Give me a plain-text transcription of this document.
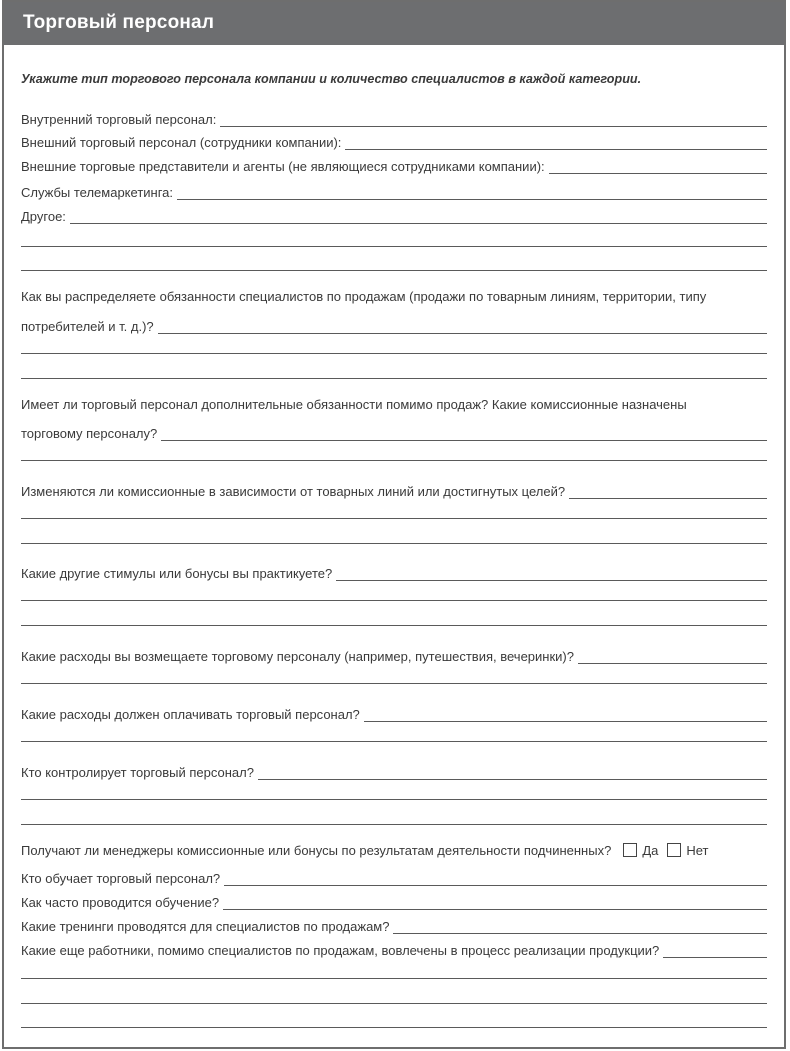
Торговый персонал
Укажите тип торгового персонала компании и количество специалистов в каждой категории.
Внутренний торговый персонал:
Внешний торговый персонал (сотрудники компании):
Внешние торговые представители и агенты (не являющиеся сотрудниками компании):
Службы телемаркетинга:
Другое:
Как вы распределяете обязанности специалистов по продажам (продажи по товарным линиям, территории, типу
потребителей и т. д.)?
Имеет ли торговый персонал дополнительные обязанности помимо продаж? Какие комиссионные назначены
торговому персоналу?
Изменяются ли комиссионные в зависимости от товарных линий или достигнутых целей?
Какие другие стимулы или бонусы вы практикуете?
Какие расходы вы возмещаете торговому персоналу (например, путешествия, вечеринки)?
Какие расходы должен оплачивать торговый персонал?
Кто контролирует торговый персонал?
Получают ли менеджеры комиссионные или бонусы по результатам деятельности подчиненных? Да Нет
Кто обучает торговый персонал?
Как часто проводится обучение?
Какие тренинги проводятся для специалистов по продажам?
Какие еще работники, помимо специалистов по продажам, вовлечены в процесс реализации продукции?
